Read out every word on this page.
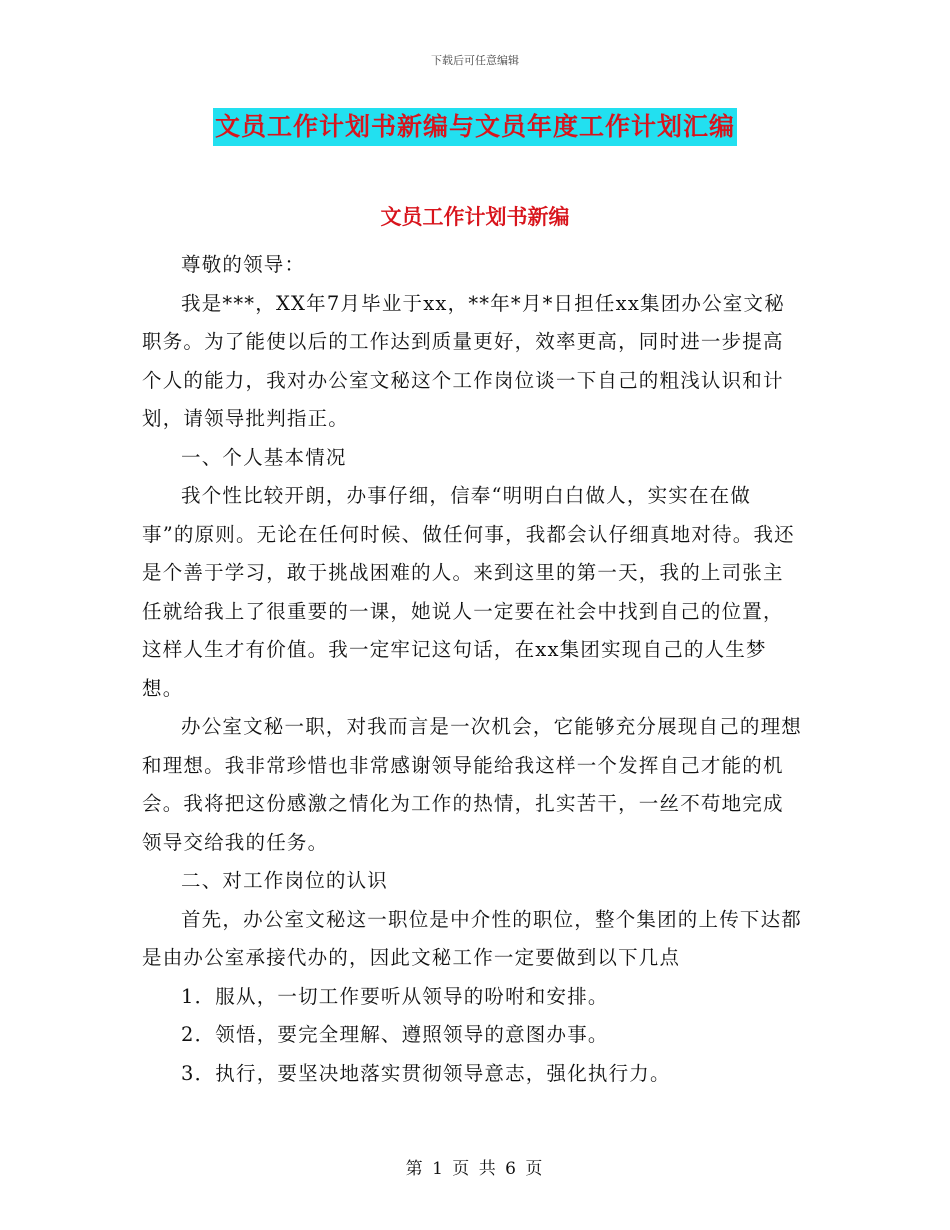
下载后可任意编辑
文员工作计划书新编与文员年度工作计划汇编
文员工作计划书新编

尊敬的领导：

我是***，XX年7月毕业于xx，**年*月*日担任xx集团办公室文秘职务。为了能使以后的工作达到质量更好，效率更高，同时进一步提高个人的能力，我对办公室文秘这个工作岗位谈一下自己的粗浅认识和计划，请领导批判指正。

一、个人基本情况

我个性比较开朗，办事仔细，信奉“明明白白做人，实实在在做事”的原则。无论在任何时候、做任何事，我都会认仔细真地对待。我还是个善于学习，敢于挑战困难的人。来到这里的第一天，我的上司张主任就给我上了很重要的一课，她说人一定要在社会中找到自己的位置，这样人生才有价值。我一定牢记这句话，在xx集团实现自己的人生梦想。

办公室文秘一职，对我而言是一次机会，它能够充分展现自己的理想和理想。我非常珍惜也非常感谢领导能给我这样一个发挥自己才能的机会。我将把这份感激之情化为工作的热情，扎实苦干，一丝不苟地完成领导交给我的任务。

二、对工作岗位的认识

首先，办公室文秘这一职位是中介性的职位，整个集团的上传下达都是由办公室承接代办的，因此文秘工作一定要做到以下几点

1．服从，一切工作要听从领导的吩咐和安排。

2．领悟，要完全理解、遵照领导的意图办事。

3．执行，要坚决地落实贯彻领导意志，强化执行力。

第 1 页 共 6 页
